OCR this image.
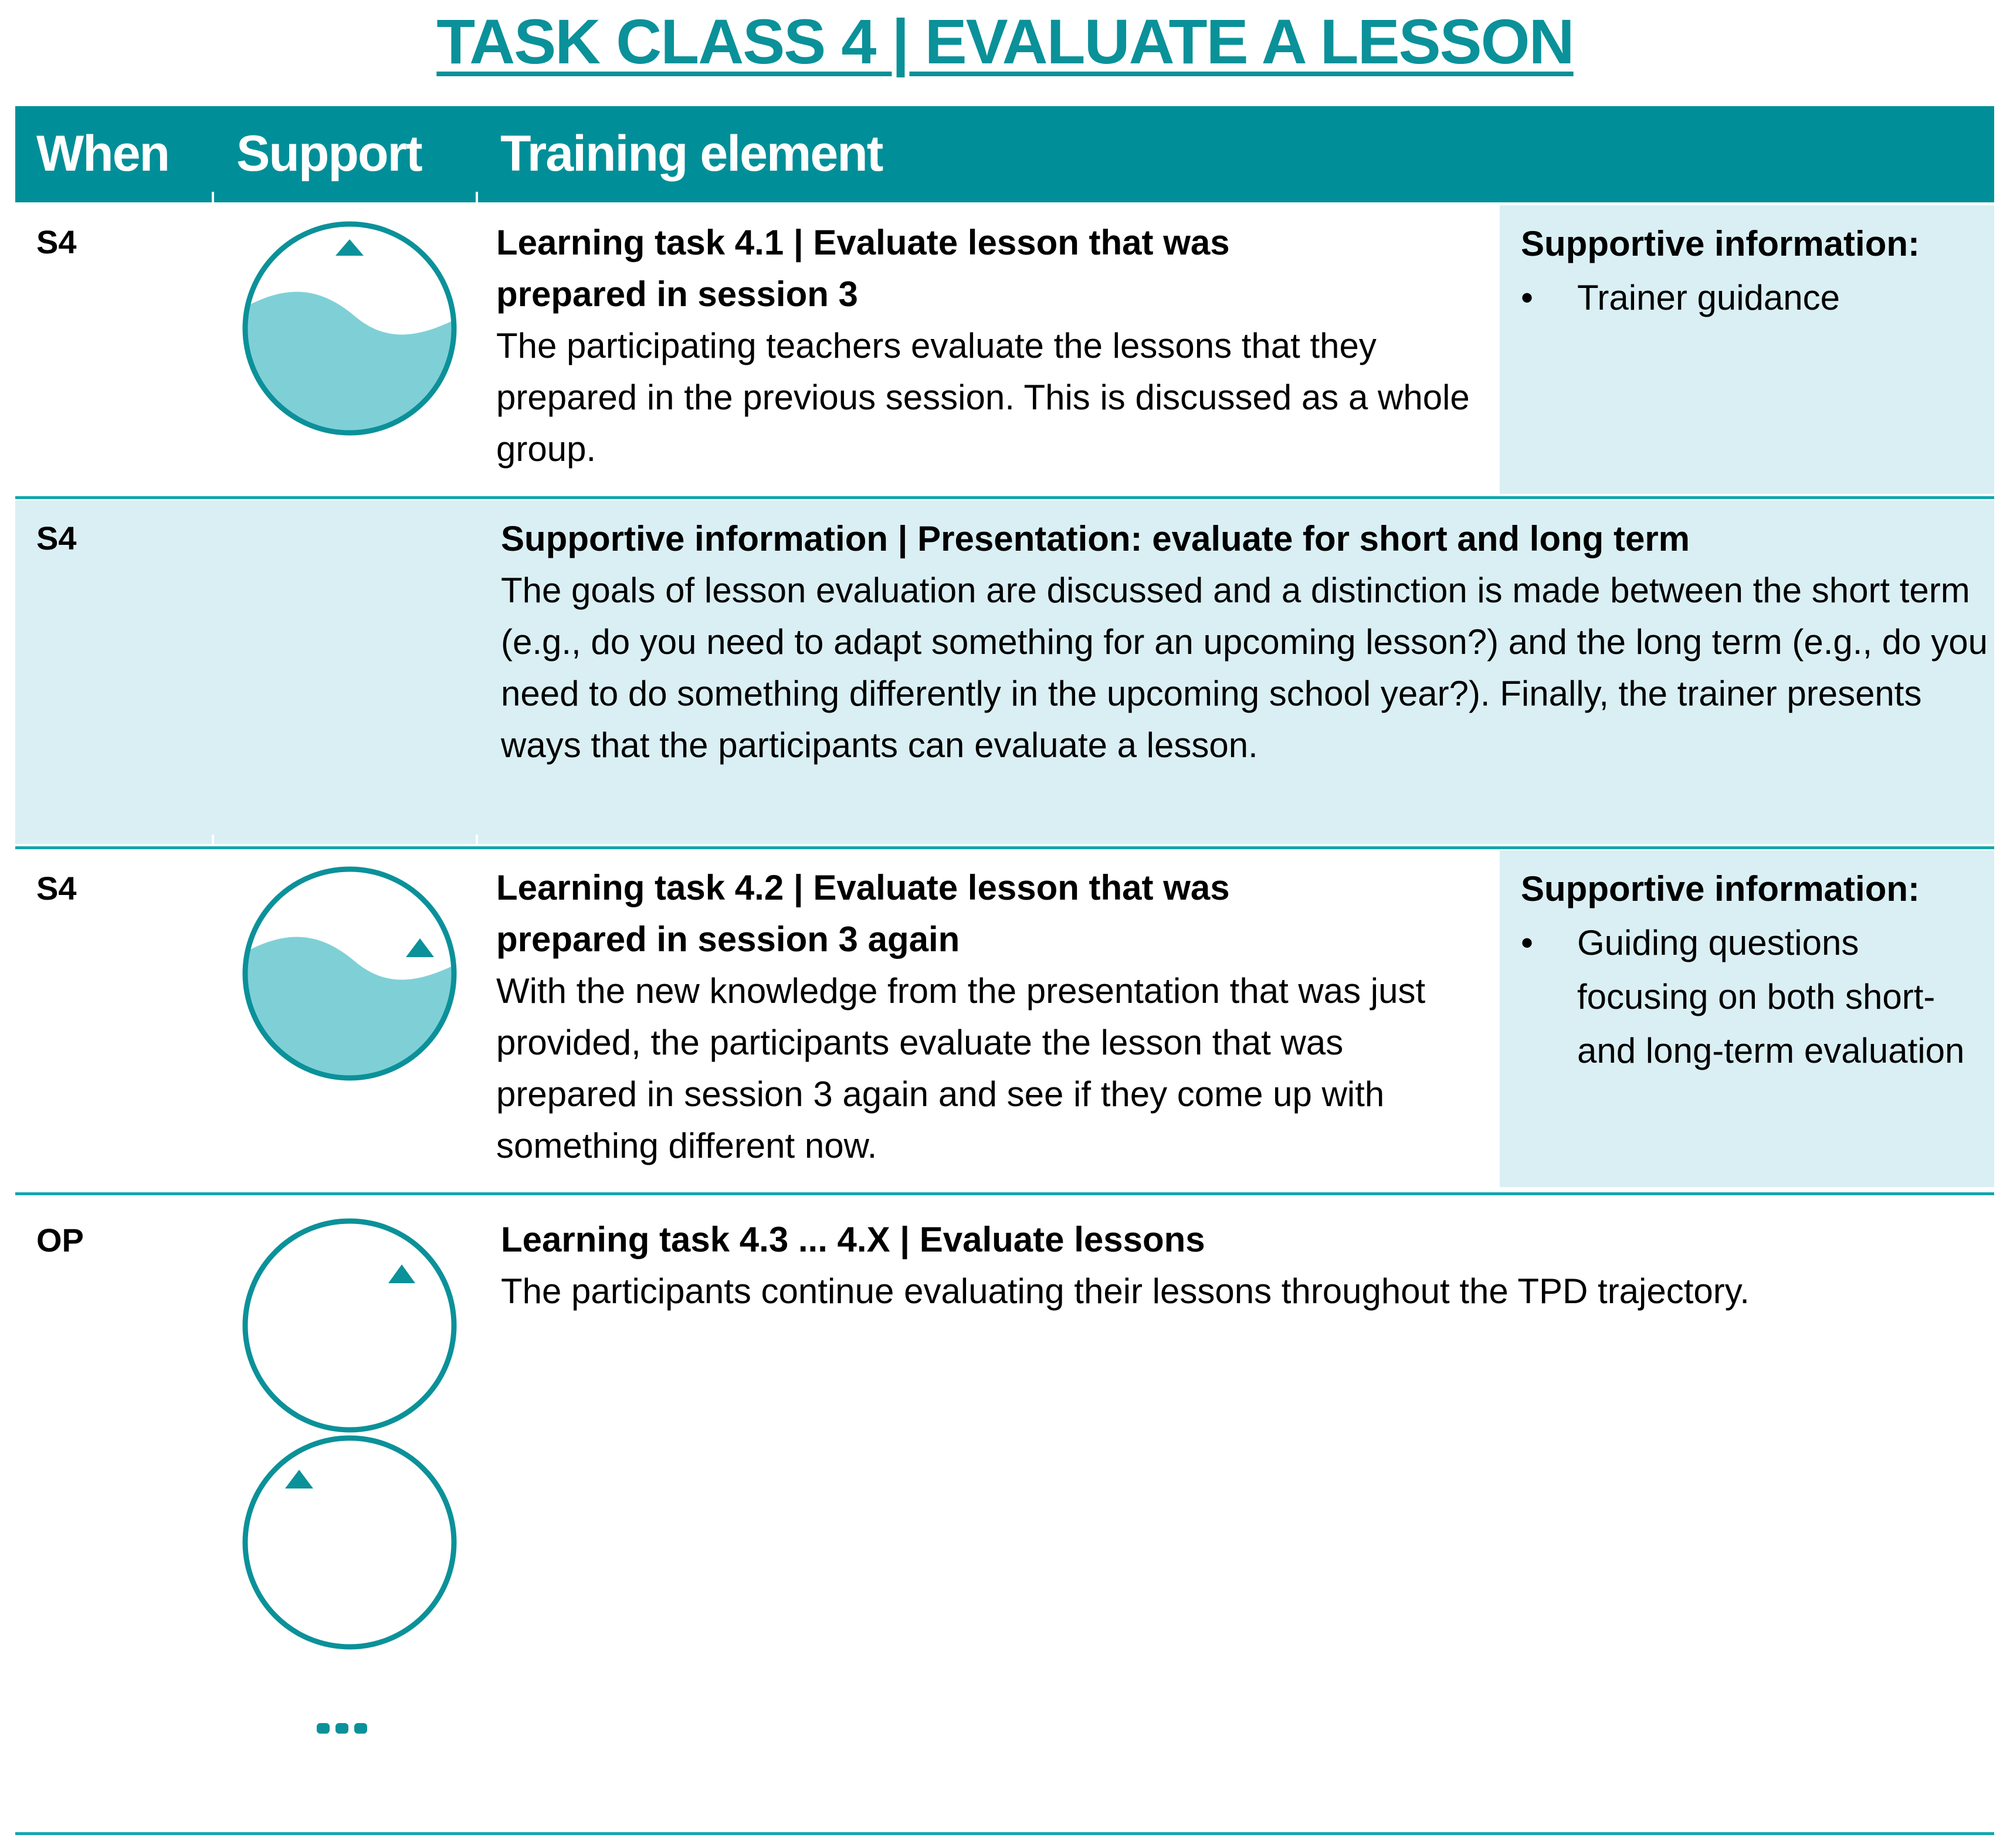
TASK CLASS 4 | EVALUATE A LESSON
When Support Training element
S4	Learning task 4.1 | Evaluate lesson that was
prepared in session 3
The participating teachers evaluate the lessons that they prepared in the previous session. This is discussed as a whole group.
Supportive information:
• Trainer guidance
S4	Supportive information | Presentation: evaluate for short and long term
The goals of lesson evaluation are discussed and a distinction is made between the short term (e.g., do you need to adapt something for an upcoming lesson?) and the long term (e.g., do you need to do something differently in the upcoming school year?). Finally, the trainer presents ways that the participants can evaluate a lesson.
S4	Learning task 4.2 | Evaluate lesson that was
prepared in session 3 again
With the new knowledge from the presentation that was just provided, the participants evaluate the lesson that was prepared in session 3 again and see if they come up with something different now.
Supportive information:
• Guiding questions focusing on both short- and long-term evaluation
OP	Learning task 4.3 ... 4.X | Evaluate lessons
The participants continue evaluating their lessons throughout the TPD trajectory.
